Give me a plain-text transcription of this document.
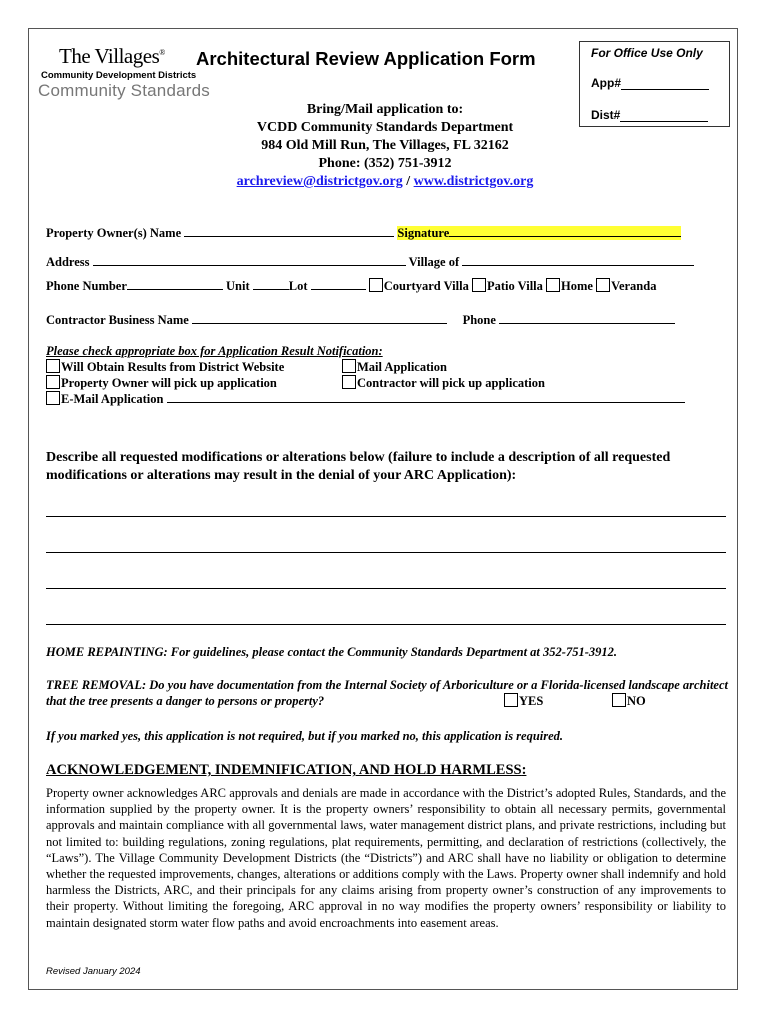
The Villages®
Community Development Districts
Community Standards
Architectural Review Application Form	For Office Use Only
App#
Dist#
Bring/Mail application to:
VCDD Community Standards Department
984 Old Mill Run, The Villages, FL 32162
Phone: (352) 751-3912
archreview@districtgov.org / www.districtgov.org
Property Owner(s) Name	Signature
Address	Village of
Phone Number	Unit	Lot	Courtyard Villa Patio Villa Home Veranda
Contractor Business Name	Phone
Please check appropriate box for Application Result Notification:
Will Obtain Results from District Website	Mail Application
Property Owner will pick up application	Contractor will pick up application
E-Mail Application
Describe all requested modifications or alterations below (failure to include a description of all requested modifications or alterations may result in the denial of your ARC Application):
HOME REPAINTING: For guidelines, please contact the Community Standards Department at 352-751-3912.
TREE REMOVAL: Do you have documentation from the Internal Society of Arboriculture or a Florida-licensed landscape architect that the tree presents a danger to persons or property?	YES	NO
If you marked yes, this application is not required, but if you marked no, this application is required.
ACKNOWLEDGEMENT, INDEMNIFICATION, AND HOLD HARMLESS:
Property owner acknowledges ARC approvals and denials are made in accordance with the District’s adopted Rules, Standards, and the information supplied by the property owner. It is the property owners’ responsibility to obtain all necessary permits, governmental approvals and maintain compliance with all governmental laws, water management district plans, and private restrictions, including but not limited to: building regulations, zoning regulations, plat requirements, permitting, and declaration of restrictions (collectively, the “Laws”). The Village Community Development Districts (the “Districts”) and ARC shall have no liability or obligation to determine whether the requested improvements, changes, alterations or additions comply with the Laws. Property owner shall indemnify and hold harmless the Districts, ARC, and their principals for any claims arising from property owner’s construction of any improvements to their property. Without limiting the foregoing, ARC approval in no way modifies the property owners’ responsibility or liability to maintain designated storm water flow paths and avoid encroachments into easement areas.
Revised January 2024
